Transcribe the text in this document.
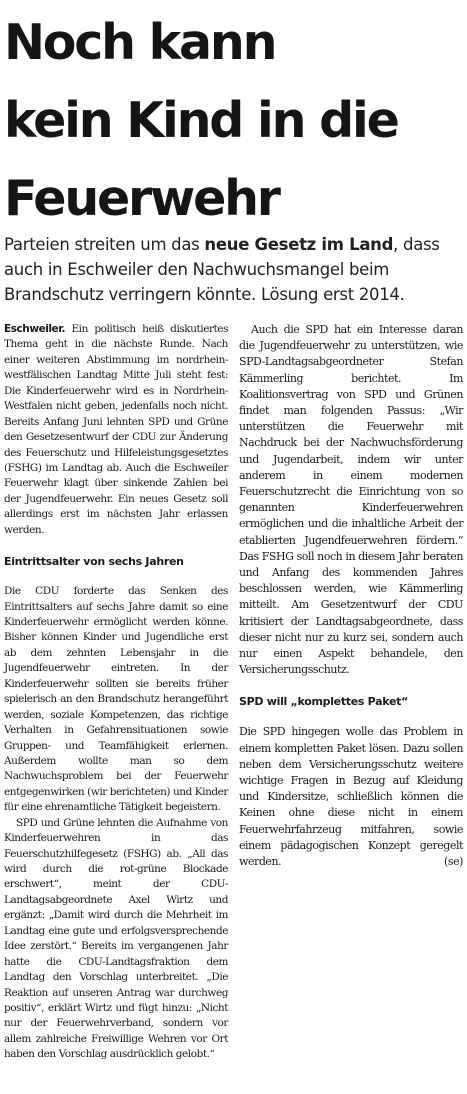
Noch kann
kein Kind in die
Feuerwehr
Parteien streiten um das neue Gesetz im Land, dass auch in Eschweiler den Nachwuchsmangel beim Brandschutz verringern könnte. Lösung erst 2014.

Eschweiler. Ein politisch heiß diskutiertes Thema geht in die nächste Runde. Nach einer weiteren Abstimmung im nordrhein-westfälischen Landtag Mitte Juli steht fest: Die Kinderfeuerwehr wird es in Nordrhein-Westfalen nicht geben, jedenfalls noch nicht. Bereits Anfang Juni lehnten SPD und Grüne den Gesetzesentwurf der CDU zur Änderung des Feuerschutz und Hilfeleistungsgesetztes (FSHG) im Landtag ab. Auch die Eschweiler Feuerwehr klagt über sinkende Zahlen bei der Jugendfeuerwehr. Ein neues Gesetz soll allerdings erst im nächsten Jahr erlassen werden.

Eintrittsalter von sechs Jahren

Die CDU forderte das Senken des Eintrittsalters auf sechs Jahre damit so eine Kinderfeuerwehr ermöglicht werden könne. Bisher können Kinder und Jugendliche erst ab dem zehnten Lebensjahr in die Jugendfeuerwehr eintreten. In der Kinderfeuerwehr sollten sie bereits früher spielerisch an den Brandschutz herangeführt werden, soziale Kompetenzen, das richtige Verhalten in Gefahrensituationen sowie Gruppen- und Teamfähigkeit erlernen. Außerdem wollte man so dem Nachwuchsproblem bei der Feuerwehr entgegenwirken (wir berichteten) und Kinder für eine ehrenamtliche Tätigkeit begeistern.

SPD und Grüne lehnten die Aufnahme von Kinderfeuerwehren in das Feuerschutzhilfegesetz (FSHG) ab. „All das wird durch die rot-grüne Blockade erschwert“, meint der CDU-Landtagsabgeordnete Axel Wirtz und ergänzt: „Damit wird durch die Mehrheit im Landtag eine gute und erfolgsversprechende Idee zerstört.“ Bereits im vergangenen Jahr hatte die CDU-Landtagsfraktion dem Landtag den Vorschlag unterbreitet. „Die Reaktion auf unseren Antrag war durchweg positiv“, erklärt Wirtz und fügt hinzu: „Nicht nur der Feuerwehrverband, sondern vor allem zahlreiche Freiwillige Wehren vor Ort haben den Vorschlag ausdrücklich gelobt.“

Auch die SPD hat ein Interesse daran die Jugendfeuerwehr zu unterstützen, wie SPD-Landtagsabgeordneter Stefan Kämmerling berichtet. Im Koalitionsvertrag von SPD und Grünen findet man folgenden Passus: „Wir unterstützen die Feuerwehr mit Nachdruck bei der Nachwuchsförderung und Jugendarbeit, indem wir unter anderem in einem modernen Feuerschutzrecht die Einrichtung von so genannten Kinderfeuerwehren ermöglichen und die inhaltliche Arbeit der etablierten Jugendfeuerwehren fördern.“ Das FSHG soll noch in diesem Jahr beraten und Anfang des kommenden Jahres beschlossen werden, wie Kämmerling mitteilt. Am Gesetzentwurf der CDU kritisiert der Landtagsabgeordnete, dass dieser nicht nur zu kurz sei, sondern auch nur einen Aspekt behandele, den Versicherungsschutz.

SPD will „komplettes Paket“

Die SPD hingegen wolle das Problem in einem kompletten Paket lösen. Dazu sollen neben dem Versicherungsschutz weitere wichtige Fragen in Bezug auf Kleidung und Kindersitze, schließlich können die Keinen ohne diese nicht in einem Feuerwehrfahrzeug mitfahren, sowie einem pädagogischen Konzept geregelt werden.	(se)
